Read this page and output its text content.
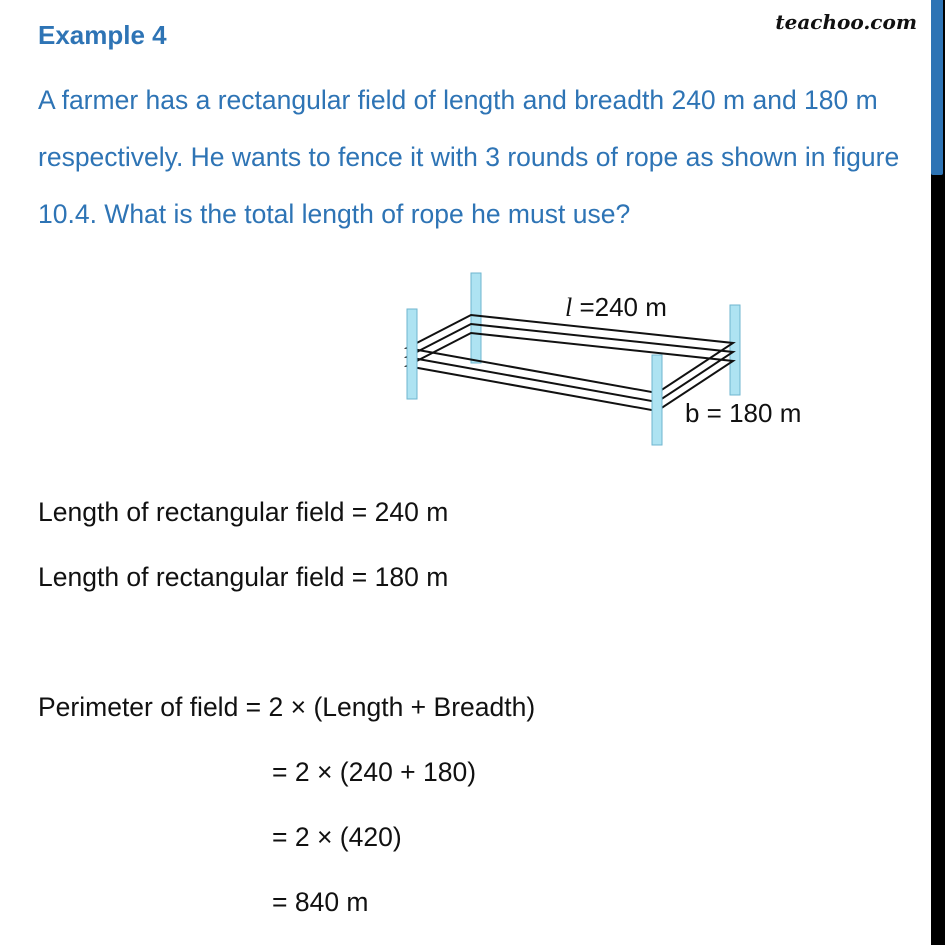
Example 4	teachoo.com

A farmer has a rectangular field of length and breadth 240 m and 180 m respectively. He wants to fence it with 3 rounds of rope as shown in figure 10.4. What is the total length of rope he must use?

l =240 m
b = 180 m

Length of rectangular field = 240 m

Length of rectangular field = 180 m

Perimeter of field = 2 × (Length + Breadth)

= 2 × (240 + 180)

= 2 × (420)

= 840 m
